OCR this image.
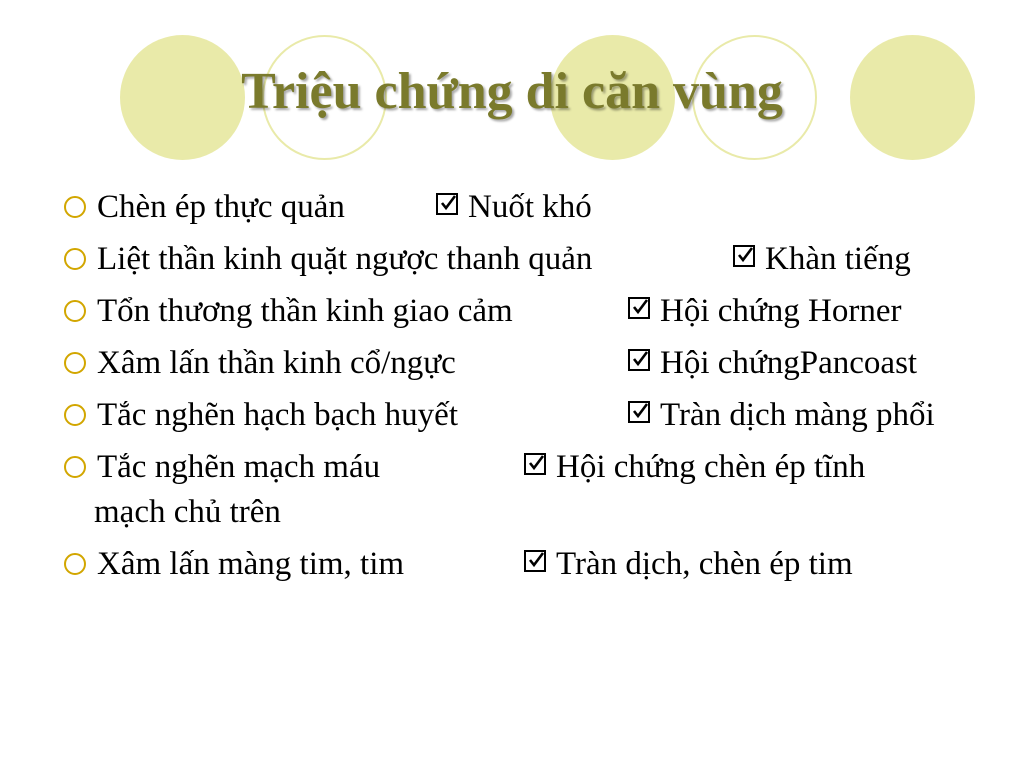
Triệu chứng di căn vùng
Chèn ép thực quản	Nuốt khó
Liệt thần kinh quặt ngược thanh quản	Khàn tiếng
Tổn thương thần kinh giao cảm	Hội chứng Horner
Xâm lấn thần kinh cổ/ngực	Hội chứngPancoast
Tắc nghẽn hạch bạch huyết	Tràn dịch màng phổi
Tắc nghẽn mạch máu	Hội chứng chèn ép tĩnh
mạch chủ trên
Xâm lấn màng tim, tim	Tràn dịch, chèn ép tim
